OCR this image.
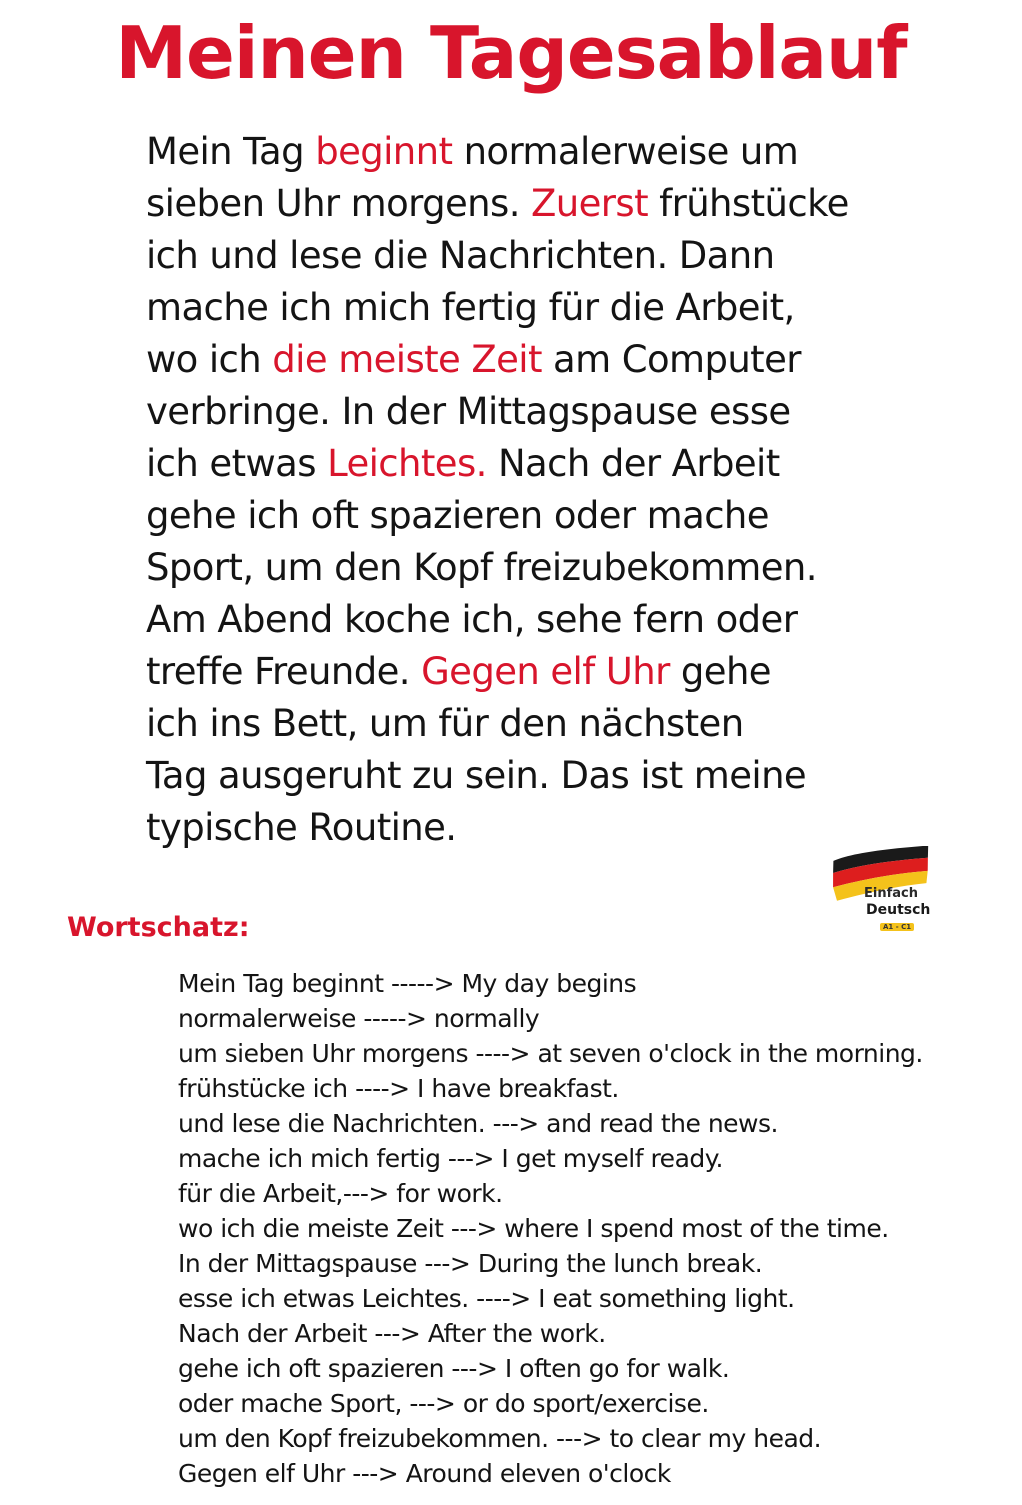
Meinen Tagesablauf
Mein Tag beginnt normalerweise um
sieben Uhr morgens. Zuerst frühstücke
ich und lese die Nachrichten. Dann
mache ich mich fertig für die Arbeit,
wo ich die meiste Zeit am Computer
verbringe. In der Mittagspause esse
ich etwas Leichtes. Nach der Arbeit
gehe ich oft spazieren oder mache
Sport, um den Kopf freizubekommen.
Am Abend koche ich, sehe fern oder
treffe Freunde. Gegen elf Uhr gehe
ich ins Bett, um für den nächsten
Tag ausgeruht zu sein. Das ist meine
typische Routine.
Einfach
Deutsch
A1 - C1
Wortschatz:
Mein Tag beginnt -----> My day begins
normalerweise -----> normally
um sieben Uhr morgens ----> at seven o'clock in the morning.
frühstücke ich ----> I have breakfast.
und lese die Nachrichten. ---> and read the news.
mache ich mich fertig ---> I get myself ready.
für die Arbeit,---> for work.
wo ich die meiste Zeit ---> where I spend most of the time.
In der Mittagspause ---> During the lunch break.
esse ich etwas Leichtes. ----> I eat something light.
Nach der Arbeit ---> After the work.
gehe ich oft spazieren ---> I often go for walk.
oder mache Sport, ---> or do sport/exercise.
um den Kopf freizubekommen. ---> to clear my head.
Gegen elf Uhr ---> Around eleven o'clock
